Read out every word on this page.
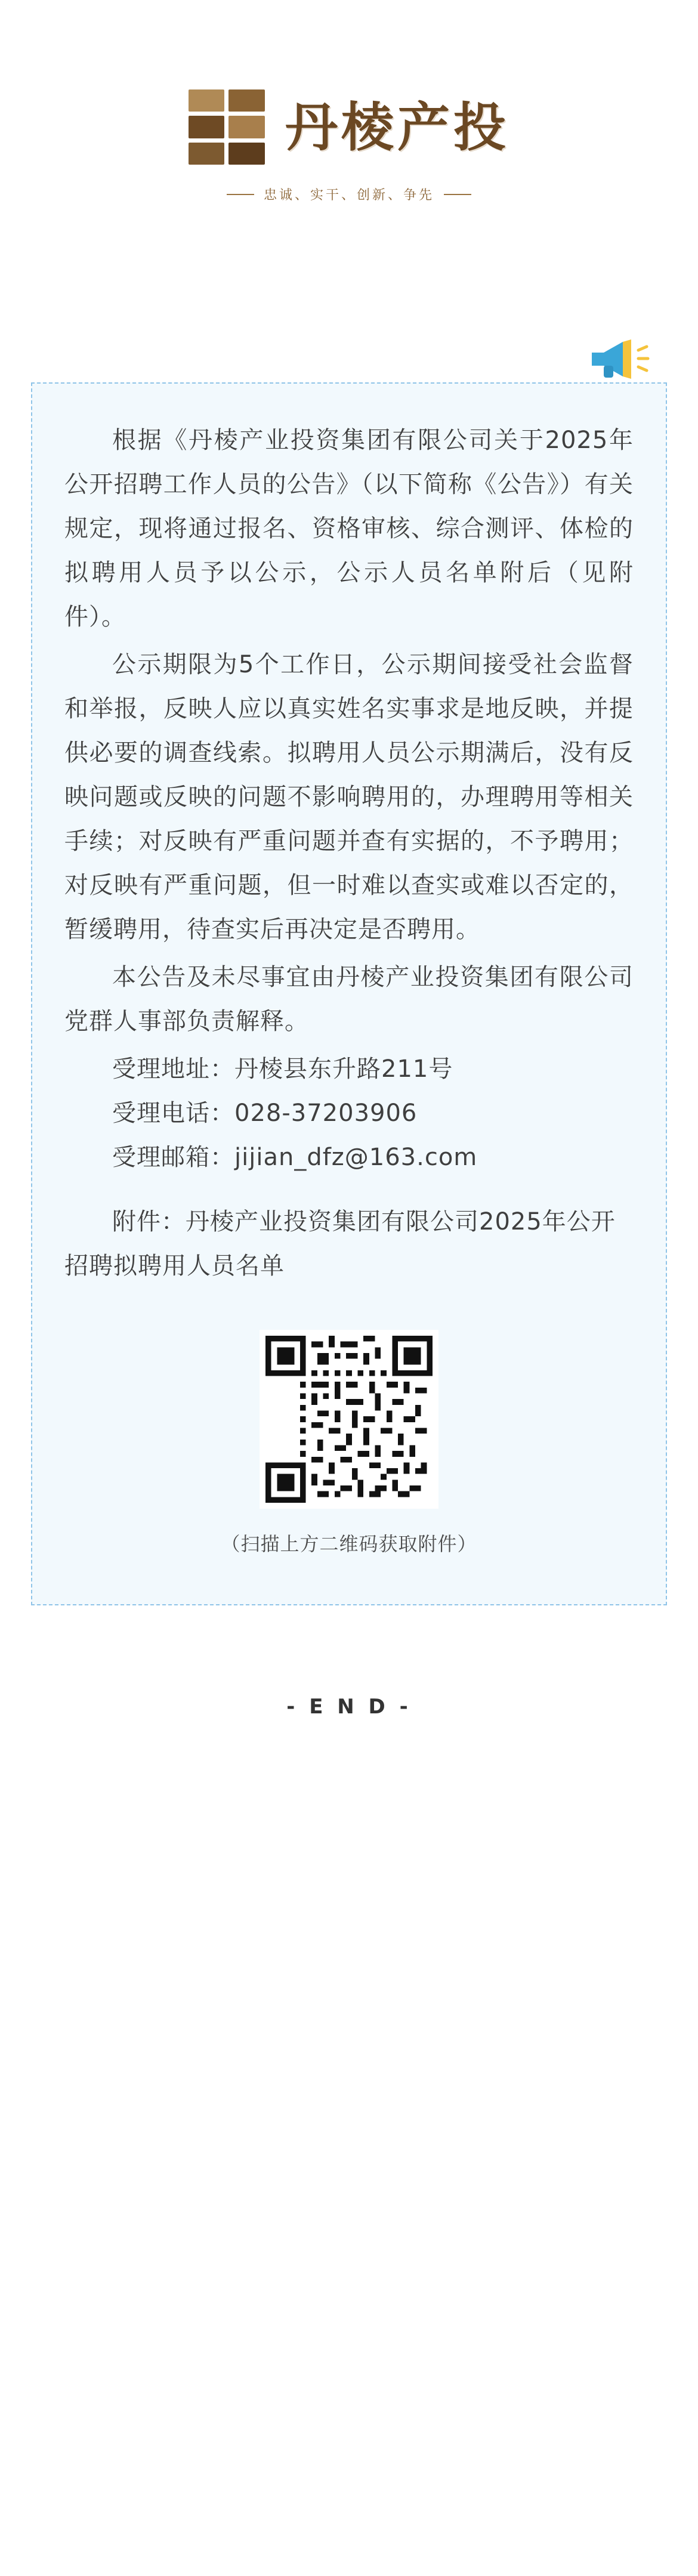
丹棱产投
忠诚、实干、创新、争先

根据《丹棱产业投资集团有限公司关于2025年公开招聘工作人员的公告》（以下简称《公告》）有关规定，现将通过报名、资格审核、综合测评、体检的拟聘用人员予以公示，公示人员名单附后（见附件）。

公示期限为5个工作日，公示期间接受社会监督和举报，反映人应以真实姓名实事求是地反映，并提供必要的调查线索。拟聘用人员公示期满后，没有反映问题或反映的问题不影响聘用的，办理聘用等相关手续；对反映有严重问题并查有实据的，不予聘用；对反映有严重问题，但一时难以查实或难以否定的，暂缓聘用，待查实后再决定是否聘用。

本公告及未尽事宜由丹棱产业投资集团有限公司党群人事部负责解释。

受理地址：丹棱县东升路211号

受理电话：028-37203906

受理邮箱：jijian_dfz@163.com

附件：丹棱产业投资集团有限公司2025年公开招聘拟聘用人员名单

（扫描上方二维码获取附件）
- E N D -
